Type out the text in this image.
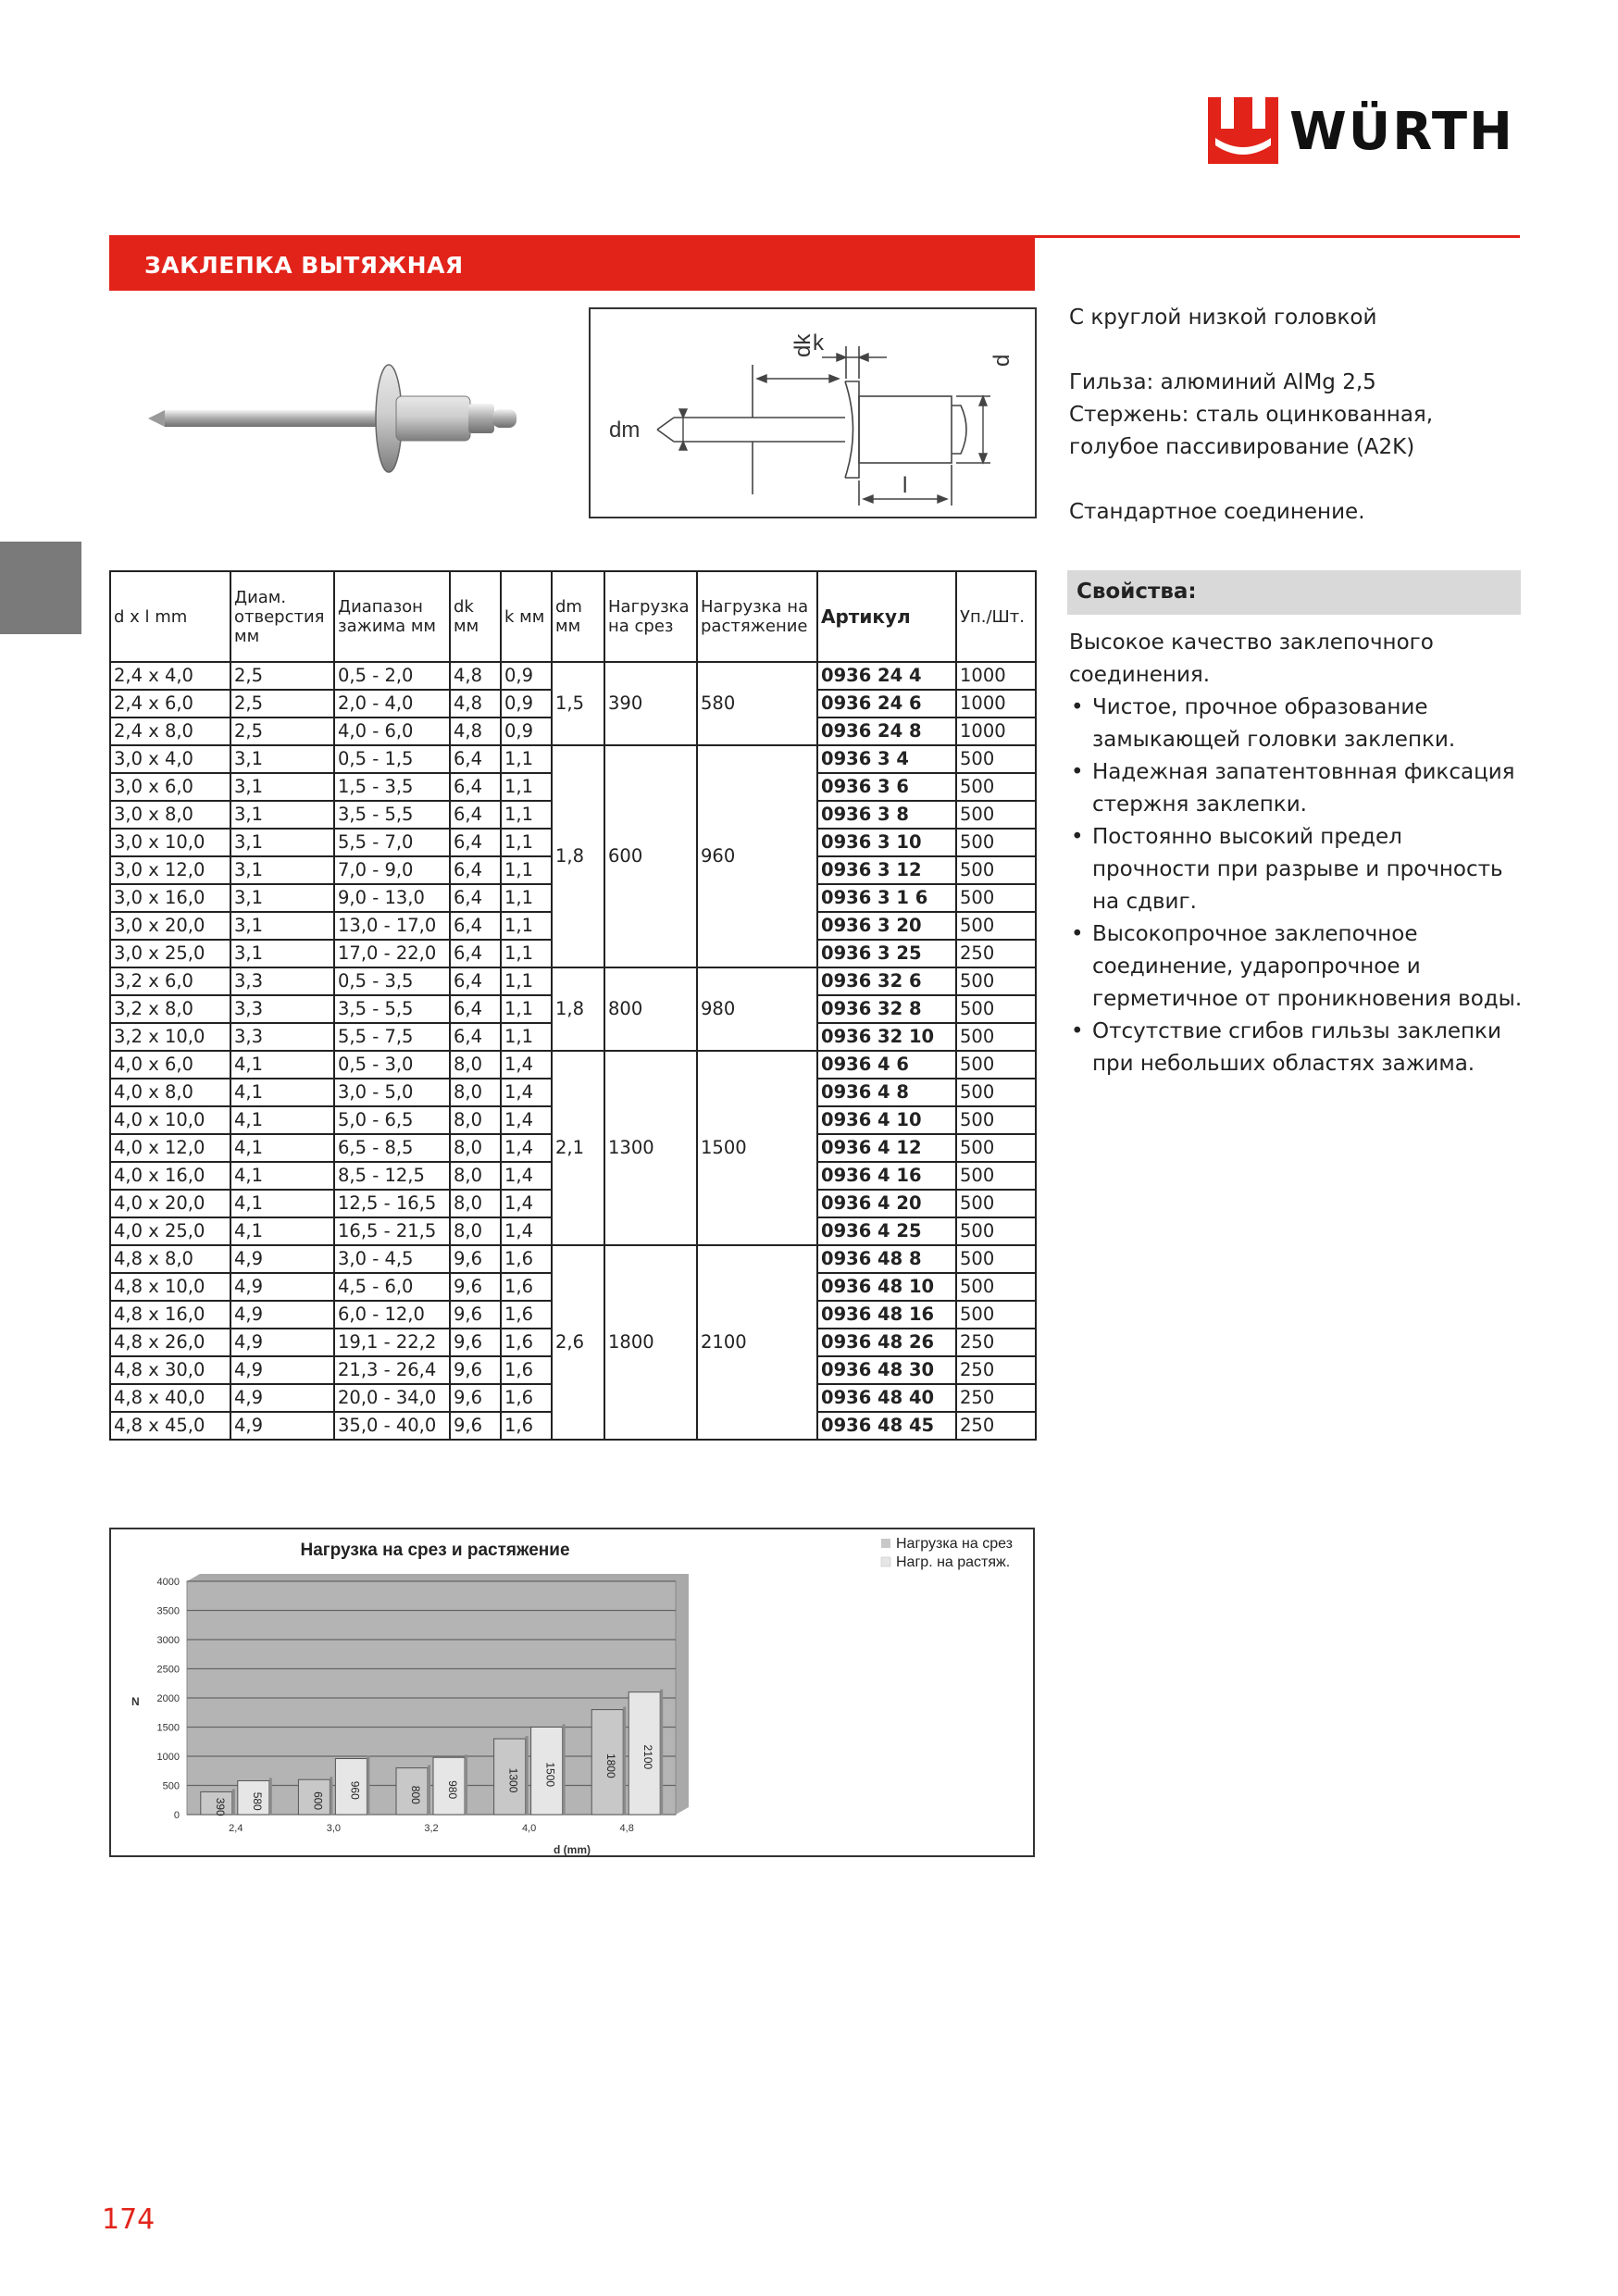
WÜRTH
ЗАКЛЕПКА ВЫТЯЖНАЯ
dm
dk
k
d
l
С круглой низкой головкой
Гильза: алюминий AlMg 2,5
Стержень: сталь оцинкованная, голубое пассивирование (A2K)
Стандартное соединение.
Свойства:
Высокое качество заклепочного соединения.
• Чистое, прочное образование замыкающей головки заклепки.
• Надежная запатентовнная фиксация стержня заклепки.
• Постоянно высокий предел прочности при разрыве и прочность на сдвиг.
• Высокопрочное заклепочное соединение, ударопрочное и герметичное от проникновения воды.
• Отсутствие сгибов гильзы заклепки при небольших областях зажима.
d x l mm	Диам. отверстия мм	Диапазон зажима мм	dk мм	k мм	dm мм	Нагрузка на срез	Нагрузка на растяжение	Артикул	Уп./Шт.
2,4 x 4,0	2,5	0,5 - 2,0	4,8	0,9	1,5	390	580	0936 24 4	1000
2,4 x 6,0	2,5	2,0 - 4,0	4,8	0,9				0936 24 6	1000
2,4 x 8,0	2,5	4,0 - 6,0	4,8	0,9				0936 24 8	1000
3,0 x 4,0	3,1	0,5 - 1,5	6,4	1,1	1,8	600	960	0936 3 4	500
3,0 x 6,0	3,1	1,5 - 3,5	6,4	1,1				0936 3 6	500
3,0 x 8,0	3,1	3,5 - 5,5	6,4	1,1				0936 3 8	500
3,0 x 10,0	3,1	5,5 - 7,0	6,4	1,1				0936 3 10	500
3,0 x 12,0	3,1	7,0 - 9,0	6,4	1,1				0936 3 12	500
3,0 x 16,0	3,1	9,0 - 13,0	6,4	1,1				0936 3 1 6	500
3,0 x 20,0	3,1	13,0 - 17,0	6,4	1,1				0936 3 20	500
3,0 x 25,0	3,1	17,0 - 22,0	6,4	1,1				0936 3 25	250
3,2 x 6,0	3,3	0,5 - 3,5	6,4	1,1	1,8	800	980	0936 32 6	500
3,2 x 8,0	3,3	3,5 - 5,5	6,4	1,1				0936 32 8	500
3,2 x 10,0	3,3	5,5 - 7,5	6,4	1,1				0936 32 10	500
4,0 x 6,0	4,1	0,5 - 3,0	8,0	1,4	2,1	1300	1500	0936 4 6	500
4,0 x 8,0	4,1	3,0 - 5,0	8,0	1,4				0936 4 8	500
4,0 x 10,0	4,1	5,0 - 6,5	8,0	1,4				0936 4 10	500
4,0 x 12,0	4,1	6,5 - 8,5	8,0	1,4				0936 4 12	500
4,0 x 16,0	4,1	8,5 - 12,5	8,0	1,4				0936 4 16	500
4,0 x 20,0	4,1	12,5 - 16,5	8,0	1,4				0936 4 20	500
4,0 x 25,0	4,1	16,5 - 21,5	8,0	1,4				0936 4 25	500
4,8 x 8,0	4,9	3,0 - 4,5	9,6	1,6	2,6	1800	2100	0936 48 8	500
4,8 x 10,0	4,9	4,5 - 6,0	9,6	1,6				0936 48 10	500
4,8 x 16,0	4,9	6,0 - 12,0	9,6	1,6				0936 48 16	500
4,8 x 26,0	4,9	19,1 - 22,2	9,6	1,6				0936 48 26	250
4,8 x 30,0	4,9	21,3 - 26,4	9,6	1,6				0936 48 30	250
4,8 x 40,0	4,9	20,0 - 34,0	9,6	1,6				0936 48 40	250
4,8 x 45,0	4,9	35,0 - 40,0	9,6	1,6				0936 48 45	250
Нагрузка на срез и растяжение	Нагрузка на срез
Нагр. на растяж.
N
d (mm)
0
500
1000
1500
2000
2500
3000
3500
4000
390 580
2,4
600
960
3,0
800 980
3,2
1300 1500
4,0
1800 2100
4,8
174
